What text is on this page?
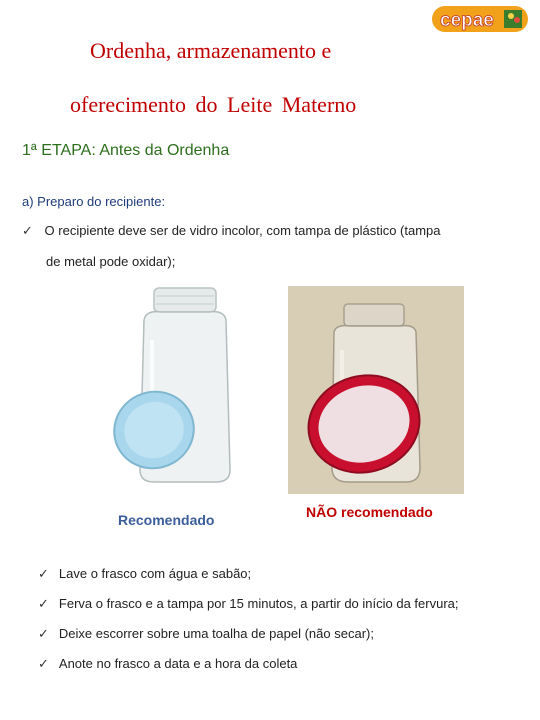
cepae
Ordenha, armazenamento e
oferecimento do Leite Materno
1ª ETAPA: Antes da Ordenha
a) Preparo do recipiente:
✓ O recipiente deve ser de vidro incolor, com tampa de plástico (tampa
de metal pode oxidar);
Recomendado	NÃO recomendado
✓ Lave o frasco com água e sabão;
✓ Ferva o frasco e a tampa por 15 minutos, a partir do início da fervura;
✓ Deixe escorrer sobre uma toalha de papel (não secar);
✓ Anote no frasco a data e a hora da coleta
